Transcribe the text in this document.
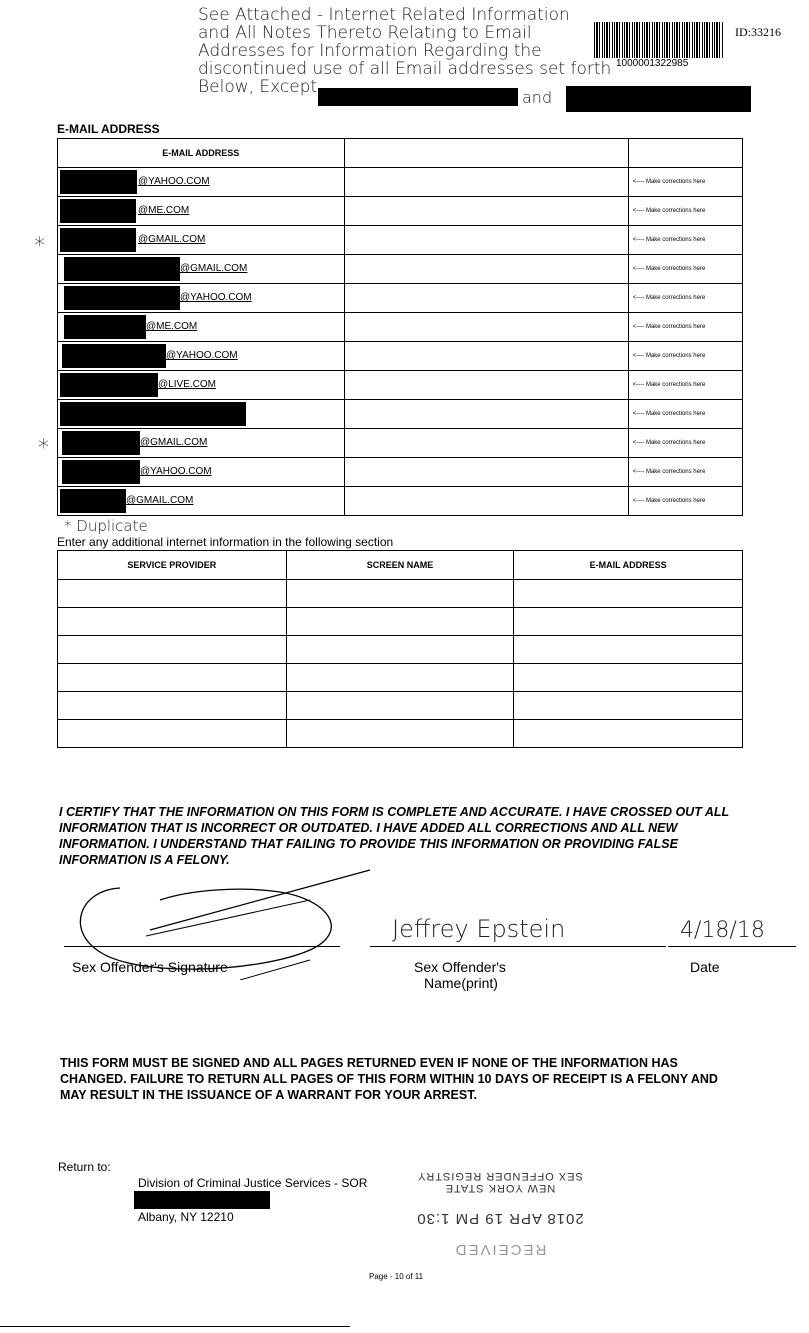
See Attached - Internet Related Information
and All Notes Thereto Relating to Email
Addresses for Information Regarding the
discontinued use of all Email addresses set forth
Below, Except
and
1000001322985
ID:33216
E-MAIL ADDRESS
E-MAIL ADDRESS		

@YAHOO.COM		<---- Make corrections here

@ME.COM		<---- Make corrections here

@GMAIL.COM		<---- Make corrections here

@GMAIL.COM		<---- Make corrections here

@YAHOO.COM		<---- Make corrections here

@ME.COM		<---- Make corrections here

@YAHOO.COM		<---- Make corrections here

@LIVE.COM		<---- Make corrections here

		<---- Make corrections here

@GMAIL.COM		<---- Make corrections here

@YAHOO.COM		<---- Make corrections here

@GMAIL.COM		<---- Make corrections here
*
*
* Duplicate
Enter any additional internet information in the following section
SERVICE PROVIDER	SCREEN NAME	E-MAIL ADDRESS

I CERTIFY THAT THE INFORMATION ON THIS FORM IS COMPLETE AND ACCURATE. I HAVE CROSSED OUT ALL INFORMATION THAT IS INCORRECT OR OUTDATED. I HAVE ADDED ALL CORRECTIONS AND ALL NEW INFORMATION. I UNDERSTAND THAT FAILING TO PROVIDE THIS INFORMATION OR PROVIDING FALSE INFORMATION IS A FELONY.
Sex Offender's Signature
Jeffrey Epstein
Sex Offender's
Name(print)
4/18/18
Date
THIS FORM MUST BE SIGNED AND ALL PAGES RETURNED EVEN IF NONE OF THE INFORMATION HAS CHANGED. FAILURE TO RETURN ALL PAGES OF THIS FORM WITHIN 10 DAYS OF RECEIPT IS A FELONY AND MAY RESULT IN THE ISSUANCE OF A WARRANT FOR YOUR ARREST.
Return to:
Division of Criminal Justice Services - SOR
Albany, NY 12210
RECEIVED
2018 APR 19 PM 1:30
NEW YORK STATE
SEX OFFENDER REGISTRY
Page - 10 of 11
